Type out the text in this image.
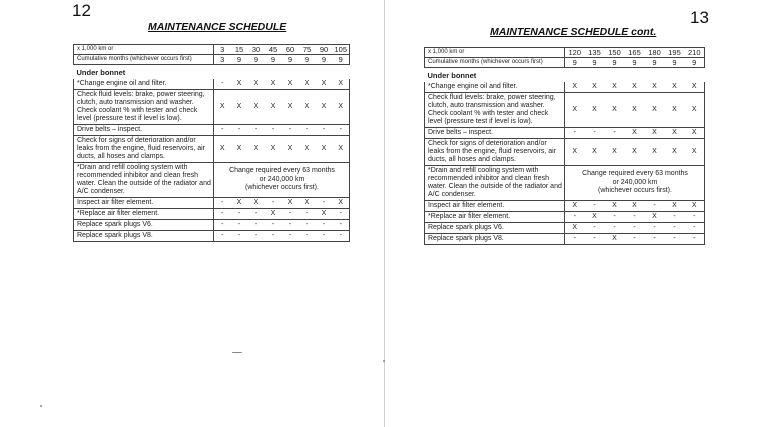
12
MAINTENANCE SCHEDULE
x 1,000 km or	3	15	30	45	60	75	90	105
Cumulative months (whichever occurs first)	3	9	9	9	9	9	9	9
Under bonnet								
*Change engine oil and filter.	-	X	X	X	X	X	X	X
Check fluid levels: brake, power steering, clutch, auto transmission and washer. Check coolant % with tester and check level (pressure test if level is low).	X	X	X	X	X	X	X	X
Drive belts – inspect.	-	-	-	-	-	-	-	-
Check for signs of deterioration and/or leaks from the engine, fluid reservoirs, air ducts, all hoses and clamps.	X	X	X	X	X	X	X	X
*Drain and refill cooling system with recommended inhibitor and clean fresh water. Clean the outside of the radiator and A/C condenser.	Change required every 63 months
or 240,000 km
(whichever occurs first).							

Inspect air filter element.	-	X	X	-	X	X	-	X
*Replace air filter element.	-	-	-	X	-	-	X	-
Replace spark plugs V6.	-	-	-	-	-	-	-	-
Replace spark plugs V8.	-	-	-	-	-	-	-	-
13
MAINTENANCE SCHEDULE cont.
x 1,000 km or	120	135	150	165	180	195	210
Cumulative months (whichever occurs first)	9	9	9	9	9	9	9
Under bonnet							
*Change engine oil and filter.	X	X	X	X	X	X	X
Check fluid levels: brake, power steering, clutch, auto transmission and washer. Check coolant % with tester and check level (pressure test if level is low).	X	X	X	X	X	X	X
Drive belts – inspect.	-	-	-	X	X	X	X
Check for signs of deterioration and/or leaks from the engine, fluid reservoirs, air ducts, all hoses and clamps.	X	X	X	X	X	X	X
*Drain and refill cooling system with recommended inhibitor and clean fresh water. Clean the outside of the radiator and A/C condenser.	Change required every 63 months
or 240,000 km
(whichever occurs first).						

Inspect air filter element.	X	-	X	X	-	X	X
*Replace air filter element.	-	X	-	-	X	-	-
Replace spark plugs V6.	X	-	-	-	-	-	-
Replace spark plugs V8.	-	-	X	-	-	-	-
